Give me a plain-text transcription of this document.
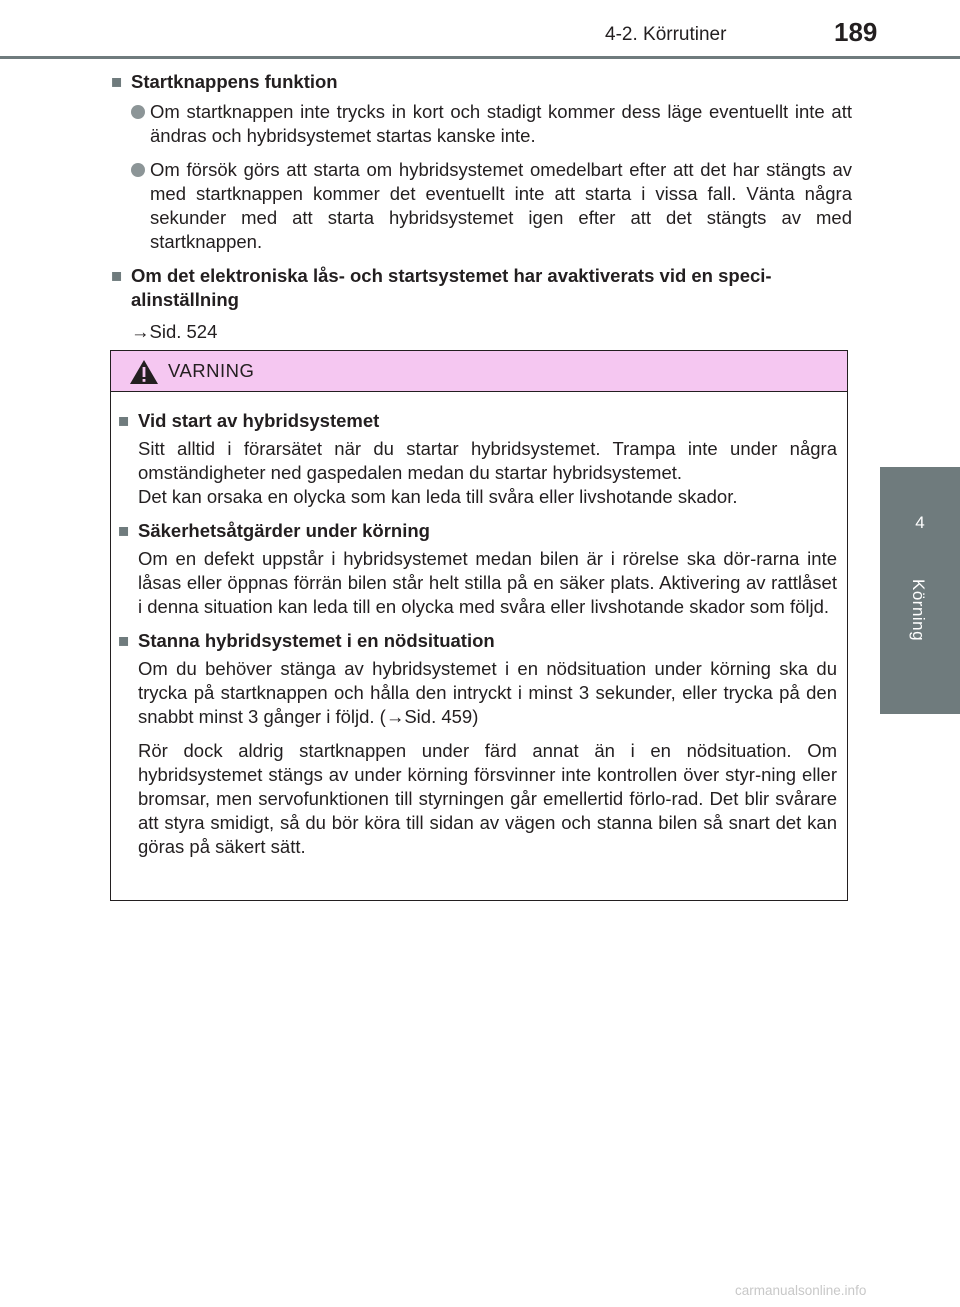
4-2. Körrutiner	189
4
Körning
■ Startknappens funktion
Om startknappen inte trycks in kort och stadigt kommer dess läge eventuellt inte att ändras och hybridsystemet startas kanske inte.
Om försök görs att starta om hybridsystemet omedelbart efter att det har stängts av med startknappen kommer det eventuellt inte att starta i vissa fall. Vänta några sekunder med att starta hybridsystemet igen efter att det stängts av med startknappen.
■ Om det elektroniska lås- och startsystemet har avaktiverats vid en speci-alinställning
→Sid. 524
VARNING
■ Vid start av hybridsystemet
Sitt alltid i förarsätet när du startar hybridsystemet. Trampa inte under några omständigheter ned gaspedalen medan du startar hybridsystemet.
Det kan orsaka en olycka som kan leda till svåra eller livshotande skador.
■ Säkerhetsåtgärder under körning
Om en defekt uppstår i hybridsystemet medan bilen är i rörelse ska dör-rarna inte låsas eller öppnas förrän bilen står helt stilla på en säker plats. Aktivering av rattlåset i denna situation kan leda till en olycka med svåra eller livshotande skador som följd.
■ Stanna hybridsystemet i en nödsituation
Om du behöver stänga av hybridsystemet i en nödsituation under körning ska du trycka på startknappen och hålla den intryckt i minst 3 sekunder, eller trycka på den snabbt minst 3 gånger i följd. (→Sid. 459)
Rör dock aldrig startknappen under färd annat än i en nödsituation. Om hybridsystemet stängs av under körning försvinner inte kontrollen över styr-ning eller bromsar, men servofunktionen till styrningen går emellertid förlo-rad. Det blir svårare att styra smidigt, så du bör köra till sidan av vägen och stanna bilen så snart det kan göras på säkert sätt.
carmanualsonline.info
